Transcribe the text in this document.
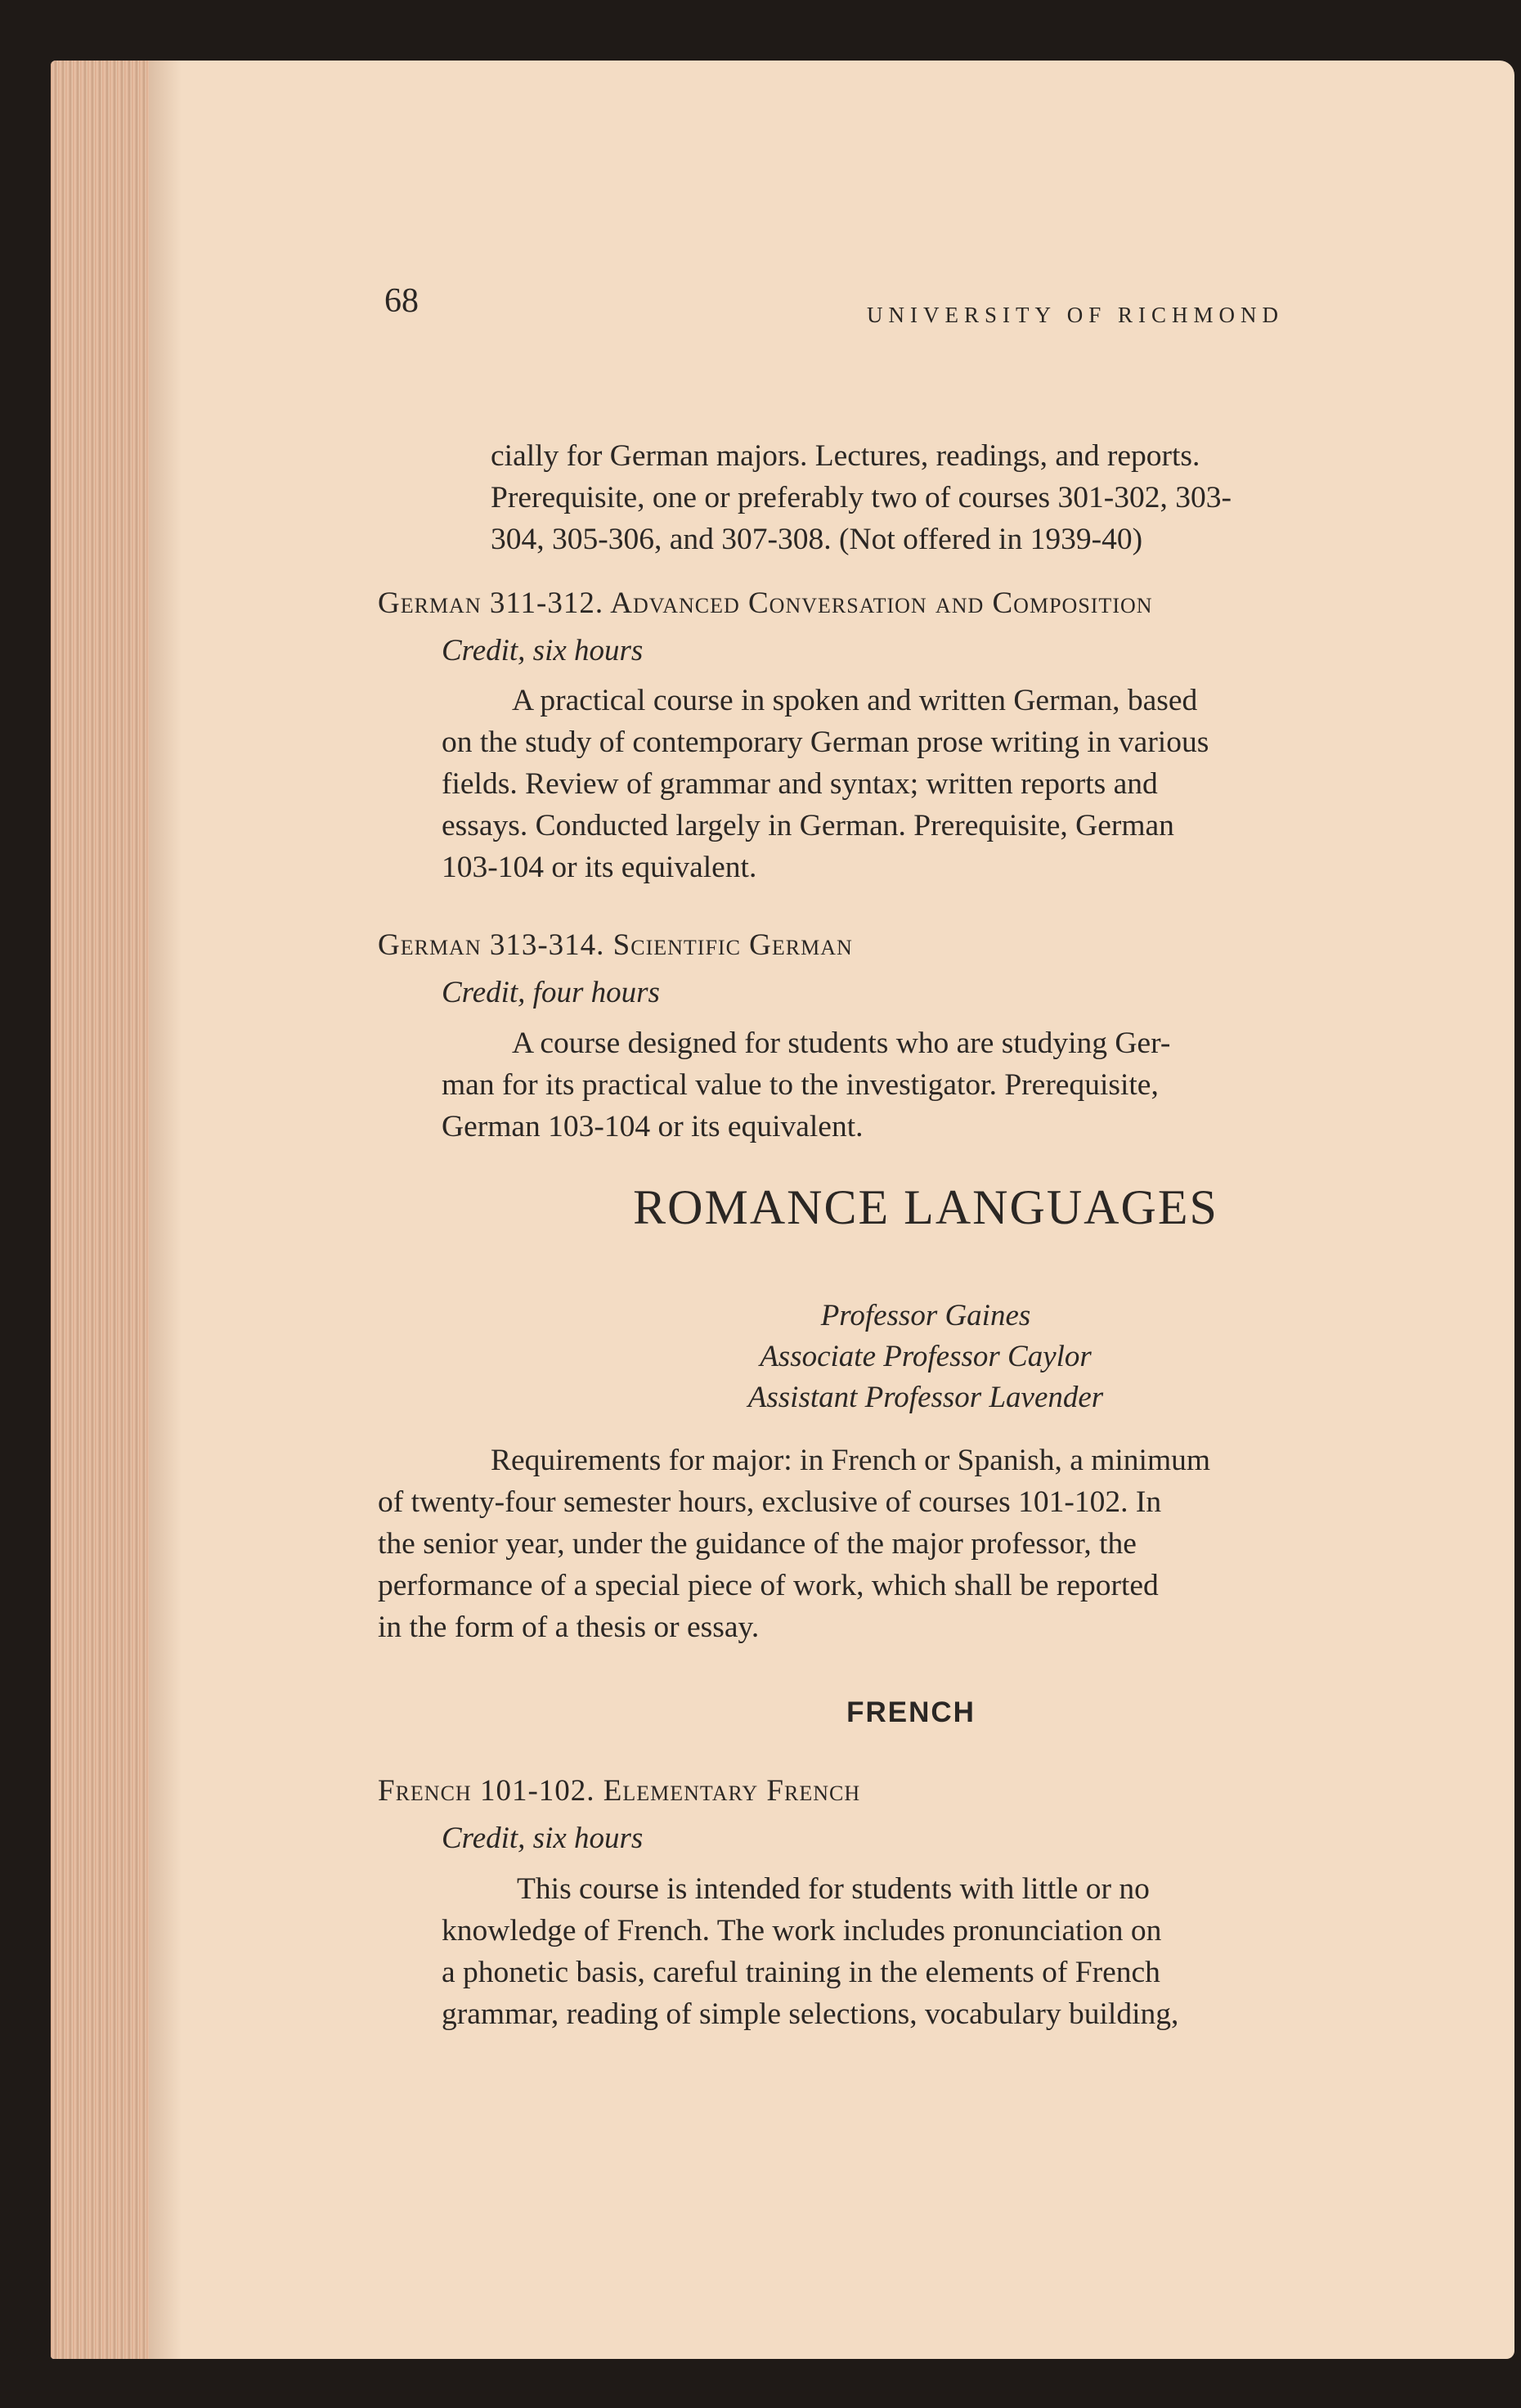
68	UNIVERSITY OF RICHMOND
cially for German majors. Lectures, readings, and reports.
Prerequisite, one or preferably two of courses 301-302, 303-
304, 305-306, and 307-308. (Not offered in 1939-40)
German 311-312. Advanced Conversation and Composition
Credit, six hours
A practical course in spoken and written German, based
on the study of contemporary German prose writing in various
fields. Review of grammar and syntax; written reports and
essays. Conducted largely in German. Prerequisite, German
103-104 or its equivalent.
German 313-314. Scientific German
Credit, four hours
A course designed for students who are studying Ger-
man for its practical value to the investigator. Prerequisite,
German 103-104 or its equivalent.
ROMANCE LANGUAGES
Professor Gaines
Associate Professor Caylor
Assistant Professor Lavender
Requirements for major: in French or Spanish, a minimum
of twenty-four semester hours, exclusive of courses 101-102. In
the senior year, under the guidance of the major professor, the
performance of a special piece of work, which shall be reported
in the form of a thesis or essay.
FRENCH
French 101-102. Elementary French
Credit, six hours
This course is intended for students with little or no
knowledge of French. The work includes pronunciation on
a phonetic basis, careful training in the elements of French
grammar, reading of simple selections, vocabulary building,
